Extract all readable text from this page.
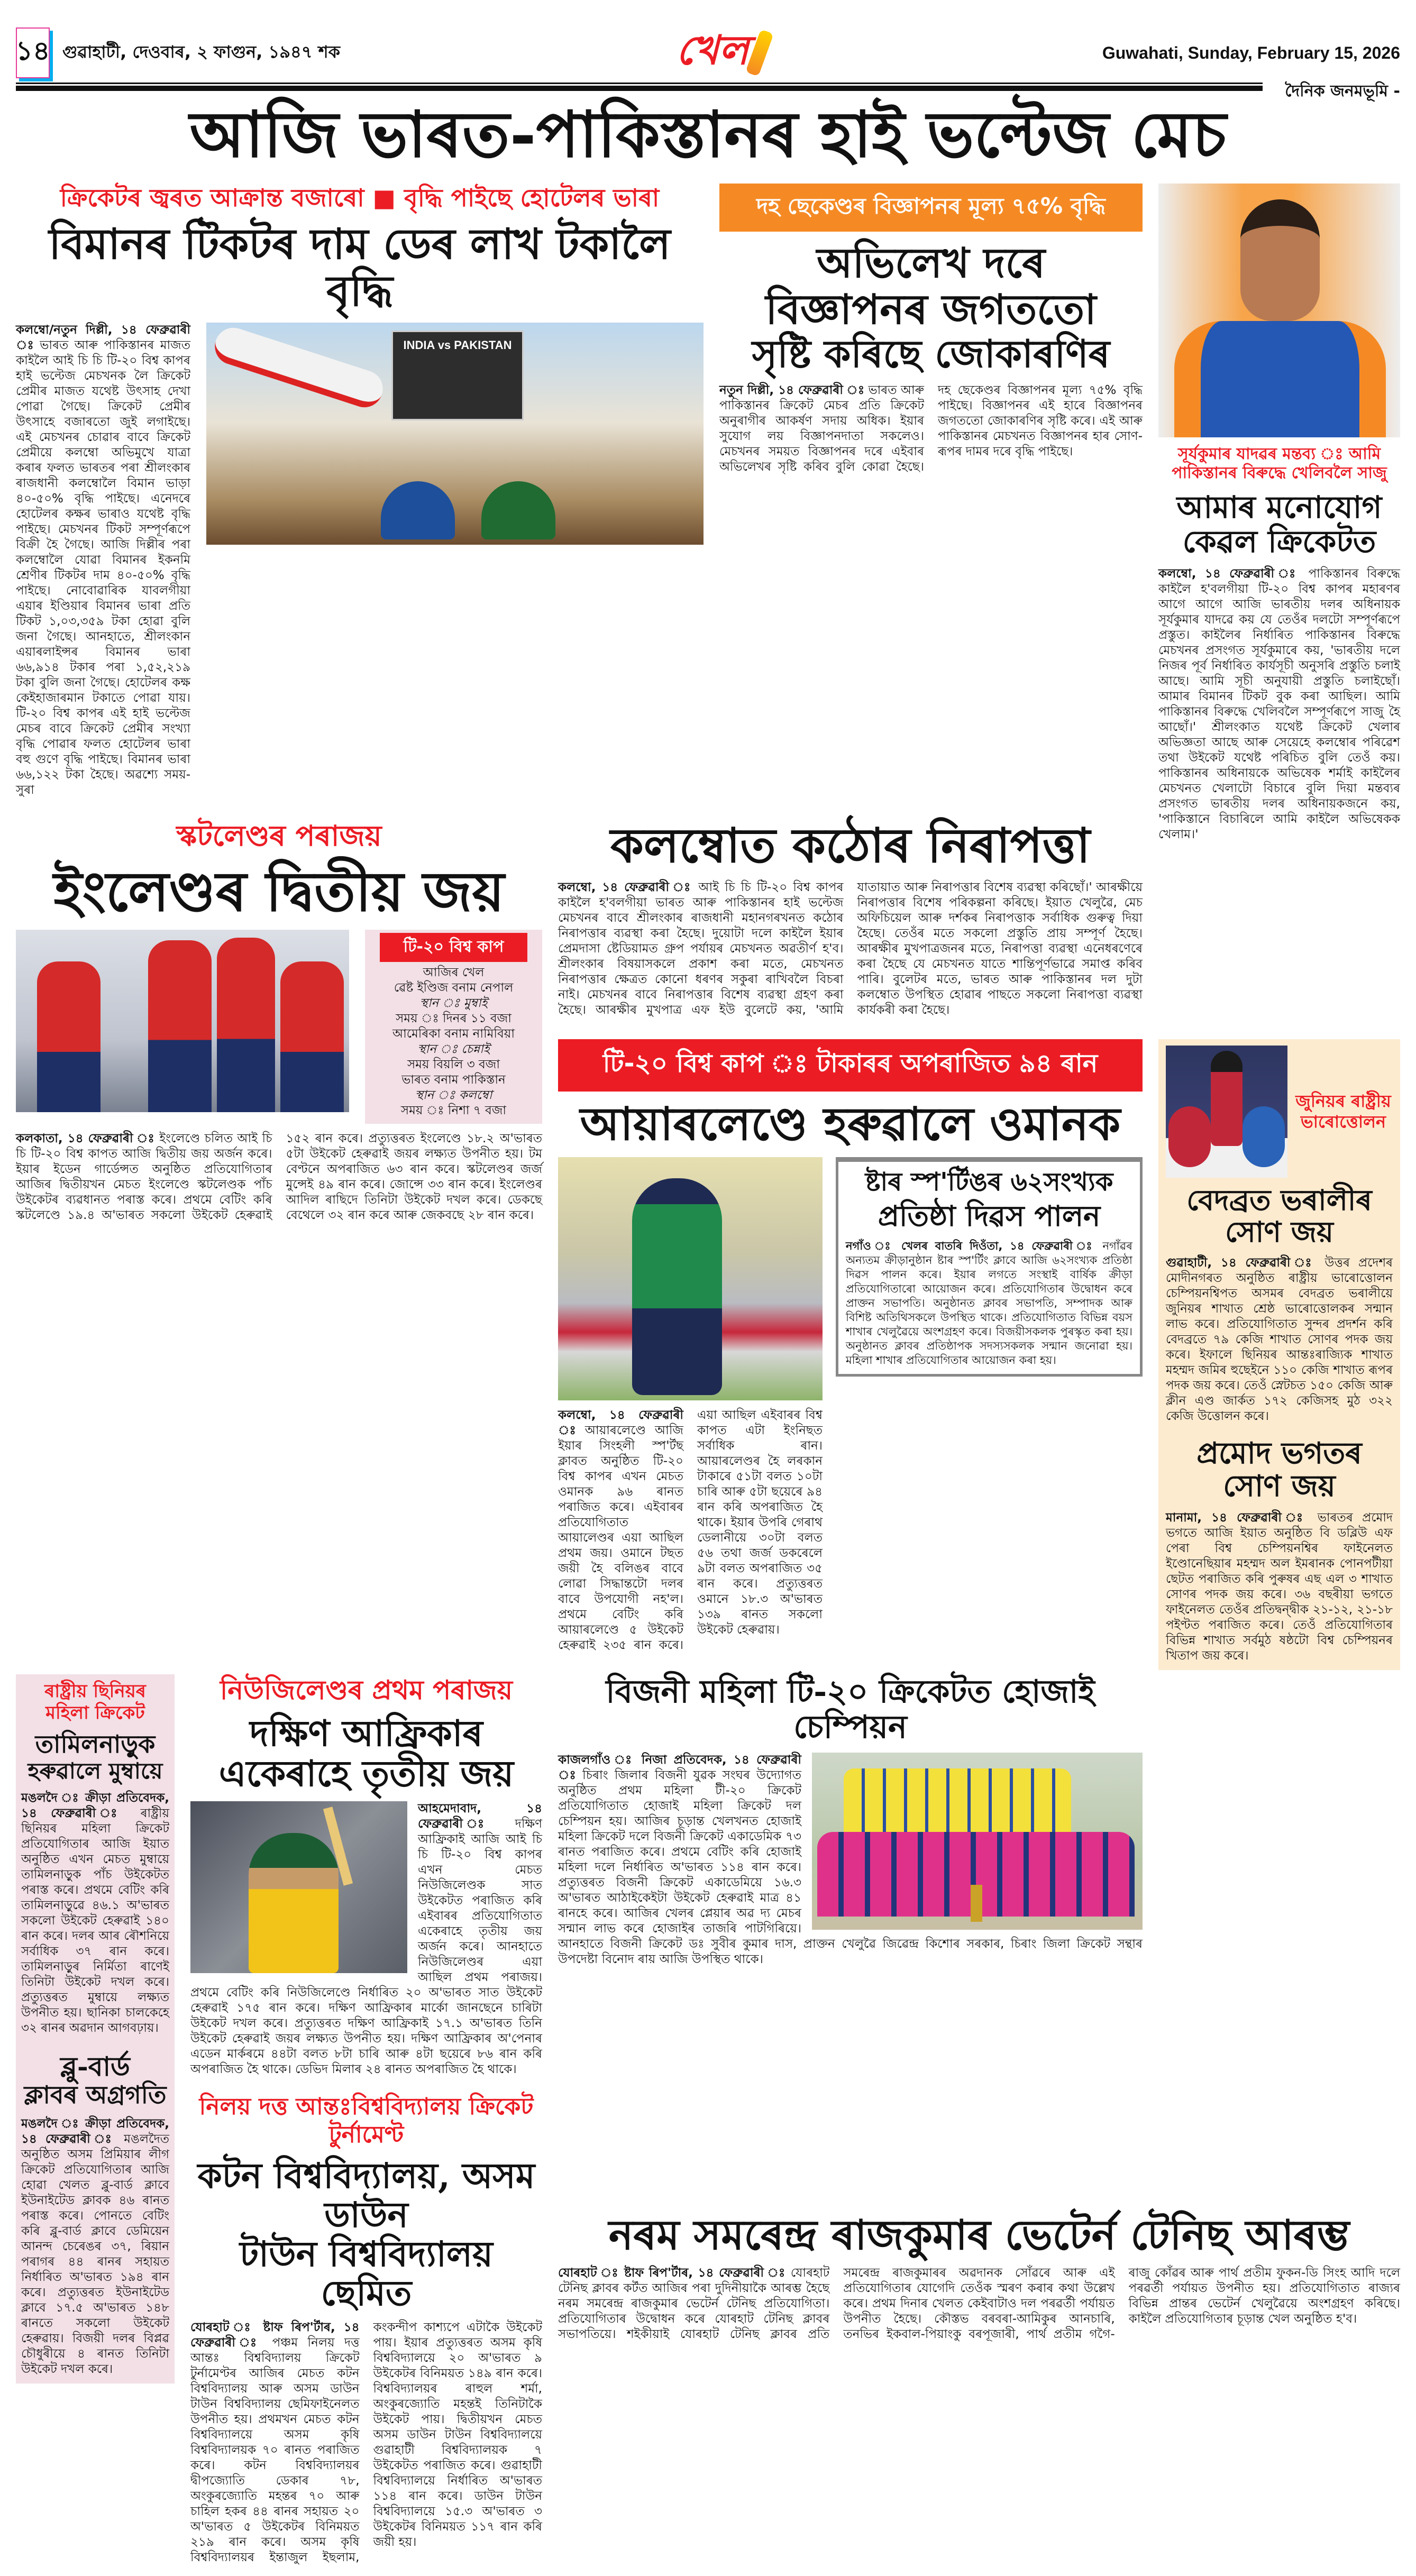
১৪ গুৱাহাটী, দেওবাৰ, ২ ফাগুন, ১৯৪৭ শক	খেল	Guwahati, Sunday, February 15, 2026
দৈনিক জনমভূমি -
আজি ভাৰত-পাকিস্তানৰ হাই ভল্টেজ মেচ
ক্ৰিকেটৰ জ্বৰত আক্ৰান্ত বজাৰো ■ বৃদ্ধি পাইছে হোটেলৰ ভাৰা
বিমানৰ টিকটৰ দাম ডেৰ লাখ টকালৈ বৃদ্ধি
কলম্বো/নতুন দিল্লী, ১৪ ফেব্ৰুৱাৰী ঃ ভাৰত আৰু পাকিস্তানৰ মাজত কাইলৈ আই চি চি টি-২০ বিশ্ব কাপৰ হাই ভল্টেজ মেচখনক লৈ ক্ৰিকেট প্ৰেমীৰ মাজত যথেষ্ট উৎসাহ দেখা পোৱা গৈছে। ক্ৰিকেট প্ৰেমীৰ উৎসাহে বজাৰতো জুই লগাইছে। এই মেচখনৰ চোৱাৰ বাবে ক্ৰিকেট প্ৰেমীয়ে কলম্বো অভিমুখে যাত্ৰা কৰাৰ ফলত ভাৰতৰ পৰা শ্ৰীলংকাৰ ৰাজধানী কলম্বোলৈ বিমান ভাড়া ৪০-৫০% বৃদ্ধি পাইছে। এনেদৰে হোটেলৰ কক্ষৰ ভাৰাও যথেষ্ট বৃদ্ধি পাইছে। মেচখনৰ টিকট সম্পূৰ্ণৰূপে বিক্ৰী হৈ গৈছে। আজি দিল্লীৰ পৰা কলম্বোলৈ যোৱা বিমানৰ ইকনমি শ্ৰেণীৰ টিকটৰ দাম ৪০-৫০% বৃদ্ধি পাইছে। নোবোৱাৰিক যাবলগীয়া এয়াৰ ইণ্ডিয়াৰ বিমানৰ ভাৰা প্ৰতি টিকট ১,০৩,৩৫৯ টকা হোৱা বুলি জনা গৈছে। আনহাতে, শ্ৰীলংকান এয়াৰলাইন্সৰ বিমানৰ ভাৰা ৬৬,৯১৪ টকাৰ পৰা ১,৫২,২১৯ টকা বুলি জনা গৈছে। হোটেলৰ কক্ষ কেইহাজাৰমান টকাতে পোৱা যায়। টি-২০ বিশ্ব কাপৰ এই হাই ভল্টেজ মেচৰ বাবে ক্ৰিকেট প্ৰেমীৰ সংখ্যা বৃদ্ধি পোৱাৰ ফলত হোটেলৰ ভাৰা বহু গুণে বৃদ্ধি পাইছে। বিমানৰ ভাৰা ৬৬,১২২ টকা হৈছে। অৱশ্যে সময়-সুৰা
INDIA vs PAKISTAN
দহ ছেকেণ্ডৰ বিজ্ঞাপনৰ মূল্য ৭৫% বৃদ্ধি
অভিলেখ দৰে
বিজ্ঞাপনৰ জগততো
সৃষ্টি কৰিছে জোকাৰণিৰ
নতুন দিল্লী, ১৪ ফেব্ৰুৱাৰী ঃ ভাৰত আৰু পাকিস্তানৰ ক্ৰিকেট মেচৰ প্ৰতি ক্ৰিকেট অনুৰাগীৰ আকৰ্ষণ সদায় অধিক। ইয়াৰ সুযোগ লয় বিজ্ঞাপনদাতা সকলেও। মেচখনৰ সময়ত বিজ্ঞাপনৰ দৰে এইবাৰ অভিলেখৰ সৃষ্টি কৰিব বুলি কোৱা হৈছে। দহ ছেকেণ্ডৰ বিজ্ঞাপনৰ মূল্য ৭৫% বৃদ্ধি পাইছে। বিজ্ঞাপনৰ এই হাৰে বিজ্ঞাপনৰ জগততো জোকাৰণিৰ সৃষ্টি কৰে। এই আৰু পাকিস্তানৰ মেচখনত বিজ্ঞাপনৰ হাৰ সোণ-ৰূপৰ দামৰ দৰে বৃদ্ধি পাইছে।	সূৰ্যকুমাৰ যাদৱৰ মন্তব্য ঃ আমি পাকিস্তানৰ বিৰুদ্ধে খেলিবলৈ সাজু
আমাৰ মনোযোগ
কেৱল ক্ৰিকেটত
কলম্বো, ১৪ ফেব্ৰুৱাৰী ঃ পাকিস্তানৰ বিৰুদ্ধে কাইলৈ হ'বলগীয়া টি-২০ বিশ্ব কাপৰ মহাৰণৰ আগে আগে আজি ভাৰতীয় দলৰ অধিনায়ক সূৰ্যকুমাৰ যাদৱে কয় যে তেওঁৰ দলটো সম্পূৰ্ণৰূপে প্ৰস্তুত। কাইলৈৰ নিৰ্ধাৰিত পাকিস্তানৰ বিৰুদ্ধে মেচখনৰ প্ৰসংগত সূৰ্যকুমাৰে কয়, 'ভাৰতীয় দলে নিজৰ পূৰ্ব নিৰ্ধাৰিত কাৰ্যসূচী অনুসৰি প্ৰস্তুতি চলাই আছে। আমি সূচী অনুযায়ী প্ৰস্তুতি চলাইছোঁ। আমাৰ বিমানৰ টিকট বুক কৰা আছিল। আমি পাকিস্তানৰ বিৰুদ্ধে খেলিবলৈ সম্পূৰ্ণৰূপে সাজু হৈ আছোঁ।' শ্ৰীলংকাত যথেষ্ট ক্ৰিকেট খেলাৰ অভিজ্ঞতা আছে আৰু সেয়েহে কলম্বোৰ পৰিৱেশ তথা উইকেট যথেষ্ট পৰিচিত বুলি তেওঁ কয়। পাকিস্তানৰ অধিনায়কে অভিষেক শৰ্মাই কাইলৈৰ মেচখনত খেলাটো বিচাৰে বুলি দিয়া মন্তব্যৰ প্ৰসংগত ভাৰতীয় দলৰ অধিনায়কজনে কয়, 'পাকিস্তানে বিচাৰিলে আমি কাইলৈ অভিষেকক খেলাম।'
স্কটলেণ্ডৰ পৰাজয়
ইংলেণ্ডৰ দ্বিতীয় জয়
টি-২০ বিশ্ব কাপ
আজিৰ খেল
ৱেষ্ট ইণ্ডিজ বনাম নেপাল
স্থান ঃ মুম্বাই
সময় ঃ দিনৰ ১১ বজা
আমেৰিকা বনাম নামিবিয়া
স্থান ঃ চেন্নাই
সময় বিয়লি ৩ বজা
ভাৰত বনাম পাকিস্তান
স্থান ঃ কলম্বো
সময় ঃ নিশা ৭ বজা
কলকাতা, ১৪ ফেব্ৰুৱাৰী ঃ ইংলেণ্ডে চলিত আই চি চি টি-২০ বিশ্ব কাপত আজি দ্বিতীয় জয় অৰ্জন কৰে। ইয়াৰ ইডেন গাৰ্ডেন্সত অনুষ্ঠিত প্ৰতিযোগিতাৰ আজিৰ দ্বিতীয়খন মেচত ইংলেণ্ডে স্কটলেণ্ডক পাঁচ উইকেটৰ ব্যৱধানত পৰাস্ত কৰে। প্ৰথমে বেটিং কৰি স্কটলেণ্ডে ১৯.৪ অ'ভাৰত সকলো উইকেট হেৰুৱাই ১৫২ ৰান কৰে। প্ৰত্যুত্তৰত ইংলেণ্ডে ১৮.২ অ'ভাৰত ৫টা উইকেট হেৰুৱাই জয়ৰ লক্ষ্যত উপনীত হয়। টম বেণ্টনে অপৰাজিত ৬৩ ৰান কৰে। স্কটলেণ্ডৰ জৰ্জ মুন্সেই ৪৯ ৰান কৰে। জোন্সে ৩৩ ৰান কৰে। ইংলেণ্ডৰ আদিল ৰাছিদে তিনিটা উইকেট দখল কৰে। ডেকছে বেথেলে ৩২ ৰান কৰে আৰু জেকবছে ২৮ ৰান কৰে।
কলম্বোত কঠোৰ নিৰাপত্তা
কলম্বো, ১৪ ফেব্ৰুৱাৰী ঃ আই চি চি টি-২০ বিশ্ব কাপৰ কাইলৈ হ'বলগীয়া ভাৰত আৰু পাকিস্তানৰ হাই ভল্টেজ মেচখনৰ বাবে শ্ৰীলংকাৰ ৰাজধানী মহানগৰখনত কঠোৰ নিৰাপত্তাৰ ব্যৱস্থা কৰা হৈছে। দুয়োটা দলে কাইলৈ ইয়াৰ প্ৰেমদাসা ষ্টেডিয়ামত গ্ৰুপ পৰ্যায়ৰ মেচখনত অৱতীৰ্ণ হ'ব। শ্ৰীলংকাৰ বিষয়াসকলে প্ৰকাশ কৰা মতে, মেচখনত নিৰাপত্তাৰ ক্ষেত্ৰত কোনো ধৰণৰ সকুৰা ৰাখিবলৈ বিচৰা নাই। মেচখনৰ বাবে নিৰাপত্তাৰ বিশেষ ব্যৱস্থা গ্ৰহণ কৰা হৈছে। আৰক্ষীৰ মুখপাত্ৰ এফ ইউ বুলেটে কয়, 'আমি যাতায়াত আৰু নিৰাপত্তাৰ বিশেষ ব্যৱস্থা কৰিছোঁ।' আৰক্ষীয়ে নিৰাপত্তাৰ বিশেষ পৰিকল্পনা কৰিছে। ইয়াত খেলুৱৈ, মেচ অফিচিয়েল আৰু দৰ্শকৰ নিৰাপত্তাক সৰ্বাধিক গুৰুত্ব দিয়া হৈছে। তেওঁৰ মতে সকলো প্ৰস্তুতি প্ৰায় সম্পূৰ্ণ হৈছে। আৰক্ষীৰ মুখপাত্ৰজনৰ মতে, নিৰাপত্তা ব্যৱস্থা এনেধৰণেৰে কৰা হৈছে যে মেচখনত যাতে শান্তিপূৰ্ণভাৱে সমাপ্ত কৰিব পাৰি। বুলেটৰ মতে, ভাৰত আৰু পাকিস্তানৰ দল দুটা কলম্বোত উপস্থিত হোৱাৰ পাছতে সকলো নিৰাপত্তা ব্যৱস্থা কাৰ্যকৰী কৰা হৈছে।
টি-২০ বিশ্ব কাপ ঃ টাকাৰৰ অপৰাজিত ৯৪ ৰান
আয়াৰলেণ্ডে হৰুৱালে ওমানক
কলম্বো, ১৪ ফেব্ৰুৱাৰী ঃ আয়াৰলেণ্ডে আজি ইয়াৰ সিংহলী স্প'ৰ্টছ ক্লাবত অনুষ্ঠিত টি-২০ বিশ্ব কাপৰ এখন মেচত ওমানক ৯৬ ৰানত পৰাজিত কৰে। এইবাৰৰ প্ৰতিযোগিতাত আয়ালেণ্ডৰ এয়া আছিল প্ৰথম জয়। ওমানে টছত জয়ী হৈ বলিঙৰ বাবে লোৱা সিদ্ধান্তটো দলৰ বাবে উপযোগী নহ'ল। প্ৰথমে বেটিং কৰি আয়াৰলেণ্ডে ৫ উইকেট হেৰুৱাই ২৩৫ ৰান কৰে। এয়া আছিল এইবাৰৰ বিশ্ব কাপত এটা ইংনিছত সৰ্বাধিক ৰান। আয়াৰলেণ্ডৰ হৈ লৰকান টাকাৰে ৫১টা বলত ১০টা চাৰি আৰু ৫টা ছয়েৰে ৯৪ ৰান কৰি অপৰাজিত হৈ থাকে। ইয়াৰ উপৰি গেৰাথ ডেলানীয়ে ৩০টা বলত ৫৬ তথা জৰ্জ ডকৰেলে ৯টা বলত অপৰাজিত ৩৫ ৰান কৰে। প্ৰত্যুত্তৰত ওমানে ১৮.৩ অ'ভাৰত ১৩৯ ৰানত সকলো উইকেট হেৰুৱায়।
ষ্টাৰ স্প'ৰ্টিঙৰ ৬২সংখ্যক
প্ৰতিষ্ঠা দিৱস পালন
নগাঁও ঃ খেলৰ বাতৰি দিওঁতা, ১৪ ফেব্ৰুৱাৰী ঃ নগাঁৱৰ অন্যতম ক্ৰীড়ানুষ্ঠান ষ্টাৰ স্প'ৰ্টিং ক্লাবে আজি ৬২সংখ্যক প্ৰতিষ্ঠা দিৱস পালন কৰে। ইয়াৰ লগতে সংস্থাই বাৰ্ষিক ক্ৰীড়া প্ৰতিযোগিতাৰো আয়োজন কৰে। প্ৰতিযোগিতাৰ উদ্বোধন কৰে প্ৰাক্তন সভাপতি। অনুষ্ঠানত ক্লাবৰ সভাপতি, সম্পাদক আৰু বিশিষ্ট অতিথিসকলে উপস্থিত থাকে। প্ৰতিযোগিতাত বিভিন্ন বয়স শাখাৰ খেলুৱৈয়ে অংশগ্ৰহণ কৰে। বিজয়ীসকলক পুৰস্কৃত কৰা হয়। অনুষ্ঠানত ক্লাবৰ প্ৰতিষ্ঠাপক সদস্যসকলক সন্মান জনোৱা হয়। মহিলা শাখাৰ প্ৰতিযোগিতাৰ আয়োজন কৰা হয়।
জুনিয়ৰ ৰাষ্ট্ৰীয় ভাৰোত্তোলন
বেদব্ৰত ভৰালীৰ সোণ জয়
গুৱাহাটী, ১৪ ফেব্ৰুৱাৰী ঃ উত্তৰ প্ৰদেশৰ মোদীনগৰত অনুষ্ঠিত ৰাষ্ট্ৰীয় ভাৰোত্তোলন চেম্পিয়নশ্বিপত অসমৰ বেদব্ৰত ভৰালীয়ে জুনিয়ৰ শাখাত শ্ৰেষ্ঠ ভাৰোত্তোলকৰ সন্মান লাভ কৰে। প্ৰতিযোগিতাত সুন্দৰ প্ৰদৰ্শন কৰি বেদব্ৰতে ৭৯ কেজি শাখাত সোণৰ পদক জয় কৰে। ইফালে ছিনিয়ৰ আন্তঃৰাজ্যিক শাখাত মহম্মদ জমিৰ হুছেইনে ১১০ কেজি শাখাত ৰূপৰ পদক জয় কৰে। তেওঁ স্নেটচত ১৫০ কেজি আৰু ক্লীন এণ্ড জাৰ্কত ১৭২ কেজিসহ মুঠ ৩২২ কেজি উত্তোলন কৰে।
প্ৰমোদ ভগতৰ
সোণ জয়
মানামা, ১৪ ফেব্ৰুৱাৰী ঃ ভাৰতৰ প্ৰমোদ ভগতে আজি ইয়াত অনুষ্ঠিত বি ডব্লিউ এফ পেৰা বিশ্ব চেম্পিয়নশ্বিৰ ফাইনেলত ইণ্ডোনেছিয়াৰ মহম্মদ অল ইমৰানক পোনপটীয়া ছেটত পৰাজিত কৰি পুৰুষৰ এছ এল ৩ শাখাত সোণৰ পদক জয় কৰে। ৩৬ বছৰীয়া ভগতে ফাইনেলত তেওঁৰ প্ৰতিদ্বন্দ্বীক ২১-১২, ২১-১৮ পইণ্টত পৰাজিত কৰে। তেওঁ প্ৰতিযোগিতাৰ বিভিন্ন শাখাত সৰ্বমুঠ ষষ্ঠটো বিশ্ব চেম্পিয়নৰ খিতাপ জয় কৰে।
ৰাষ্ট্ৰীয় ছিনিয়ৰ মহিলা ক্ৰিকেট
তামিলনাড়ুক
হৰুৱালে মুম্বায়ে
মঙলদৈ ঃ ক্ৰীড়া প্ৰতিবেদক, ১৪ ফেব্ৰুৱাৰী ঃ ৰাষ্ট্ৰীয় ছিনিয়ৰ মহিলা ক্ৰিকেট প্ৰতিযোগিতাৰ আজি ইয়াত অনুষ্ঠিত এখন মেচত মুম্বায়ে তামিলনাড়ুক পাঁচ উইকেটত পৰাস্ত কৰে। প্ৰথমে বেটিং কৰি তামিলনাড়ুৱে ৪৬.১ অ'ভাৰত সকলো উইকেট হেৰুৱাই ১৪০ ৰান কৰে। দলৰ আৰ ৰৌশনিয়ে সৰ্বাধিক ৩৭ ৰান কৰে। তামিলনাড়ুৰ নিৰ্মিতা ৰাণেই তিনিটা উইকেট দখল কৰে। প্ৰত্যুত্তৰত মুম্বায়ে লক্ষ্যত উপনীত হয়। ছানিকা চালকেহে ৩২ ৰানৰ অৱদান আগবঢ়ায়।
ব্লু-বাৰ্ড
ক্লাবৰ অগ্ৰগতি
মঙলদৈ ঃ ক্ৰীড়া প্ৰতিবেদক, ১৪ ফেব্ৰুৱাৰী ঃ মঙলদৈত অনুষ্ঠিত অসম প্ৰিমিয়াৰ লীগ ক্ৰিকেট প্ৰতিযোগিতাৰ আজি হোৱা খেলত ব্লু-বাৰ্ড ক্লাবে ইউনাইটেড ক্লাবক ৪৬ ৰানত পৰাস্ত কৰে। পোনতে বেটিং কৰি ব্লু-বাৰ্ড ক্লাবে ডেমিয়েন আনন্দ চেৰেঙৰ ৩৭, ৰিয়ান পৰাগৰ ৪৪ ৰানৰ সহায়ত নিৰ্ধাৰিত অ'ভাৰত ১৯৪ ৰান কৰে। প্ৰত্যুত্তৰত ইউনাইটেড ক্লাবে ১৭.৫ অ'ভাৰত ১৪৮ ৰানতে সকলো উইকেট হেৰুৱায়। বিজয়ী দলৰ বিপ্লৱ চৌধুৰীয়ে ৪ ৰানত তিনিটা উইকেট দখল কৰে।
নিউজিলেণ্ডৰ প্ৰথম পৰাজয়
দক্ষিণ আফ্ৰিকাৰ
একেৰাহে তৃতীয় জয়
আহমেদাবাদ, ১৪ ফেব্ৰুৱাৰী ঃ দক্ষিণ আফ্ৰিকাই আজি আই চি চি টি-২০ বিশ্ব কাপৰ এখন মেচত নিউজিলেণ্ডক সাত উইকেটত পৰাজিত কৰি এইবাৰৰ প্ৰতিযোগিতাত একেৰাহে তৃতীয় জয় অৰ্জন কৰে। আনহাতে নিউজিলেণ্ডৰ এয়া আছিল প্ৰথম পৰাজয়। প্ৰথমে বেটিং কৰি নিউজিলেণ্ডে নিৰ্ধাৰিত ২০ অ'ভাৰত সাত উইকেট হেৰুৱাই ১৭৫ ৰান কৰে। দক্ষিণ আফ্ৰিকাৰ মাৰ্কো জানছেনে চাৰিটা উইকেট দখল কৰে। প্ৰত্যুত্তৰত দক্ষিণ আফ্ৰিকাই ১৭.১ অ'ভাৰত তিনি উইকেট হেৰুৱাই জয়ৰ লক্ষ্যত উপনীত হয়। দক্ষিণ আফ্ৰিকাৰ অ'পেনাৰ এডেন মাৰ্কৰমে ৪৪টা বলত ৮টা চাৰি আৰু ৪টা ছয়েৰে ৮৬ ৰান কৰি অপৰাজিত হৈ থাকে। ডেভিদ মিলাৰ ২৪ ৰানত অপৰাজিত হৈ থাকে।
নিলয় দত্ত আন্তঃবিশ্ববিদ্যালয় ক্ৰিকেট টুৰ্নামেণ্ট
কটন বিশ্ববিদ্যালয়, অসম ডাউন
টাউন বিশ্ববিদ্যালয় ছেমিত
যোৰহাট ঃ ষ্টাফ ৰিপ'ৰ্টাৰ, ১৪ ফেব্ৰুৱাৰী ঃ পঞ্চম নিলয় দত্ত আন্তঃ বিশ্ববিদ্যালয় ক্ৰিকেট টুৰ্নামেণ্টৰ আজিৰ মেচত কটন বিশ্ববিদ্যালয় আৰু অসম ডাউন টাউন বিশ্ববিদ্যালয় ছেমিফাইনেলত উপনীত হয়। প্ৰথমখন মেচত কটন বিশ্ববিদ্যালয়ে অসম কৃষি বিশ্ববিদ্যালয়ক ৭০ ৰানত পৰাজিত কৰে। কটন বিশ্ববিদ্যালয়ৰ দ্বীপজ্যোতি ডেকাৰ ৭৮, অংকুৰজ্যোতি মহন্তৰ ৭০ আৰু চাহিল হকৰ ৪৪ ৰানৰ সহায়ত ২০ অ'ভাৰত ৫ উইকেটৰ বিনিময়ত ২১৯ ৰান কৰে। অসম কৃষি বিশ্ববিদ্যালয়ৰ ইন্তাজুল ইছলাম, কংকন্দীপ কাশ্যপে এটাকৈ উইকেট পায়। ইয়াৰ প্ৰত্যুত্তৰত অসম কৃষি বিশ্ববিদ্যালয়ে ২০ অ'ভাৰত ৯ উইকেটৰ বিনিময়ত ১৪৯ ৰান কৰে। বিশ্ববিদ্যালয়ৰ ৰাহুল শৰ্মা, অংকুৰজ্যোতি মহন্তই তিনিটাকৈ উইকেট পায়। দ্বিতীয়খন মেচত অসম ডাউন টাউন বিশ্ববিদ্যালয়ে গুৱাহাটী বিশ্ববিদ্যালয়ক ৭ উইকেটত পৰাজিত কৰে। গুৱাহাটী বিশ্ববিদ্যালয়ে নিৰ্ধাৰিত অ'ভাৰত ১১৪ ৰান কৰে। ডাউন টাউন বিশ্ববিদ্যালয়ে ১৫.৩ অ'ভাৰত ৩ উইকেটৰ বিনিময়ত ১১৭ ৰান কৰি জয়ী হয়।
বিজনী মহিলা টি-২০ ক্ৰিকেটত হোজাই চেম্পিয়ন
কাজলগাঁও ঃ নিজা প্ৰতিবেদক, ১৪ ফেব্ৰুৱাৰী ঃ চিৰাং জিলাৰ বিজনী যুৱক সংঘৰ উদ্যোগত অনুষ্ঠিত প্ৰথম মহিলা টী-২০ ক্ৰিকেট প্ৰতিযোগিতাত হোজাই মহিলা ক্ৰিকেট দল চেম্পিয়ন হয়। আজিৰ চূড়ান্ত খেলখনত হোজাই মহিলা ক্ৰিকেট দলে বিজনী ক্ৰিকেট একাডেমিক ৭৩ ৰানত পৰাজিত কৰে। প্ৰথমে বেটিং কৰি হোজাই মহিলা দলে নিৰ্ধাৰিত অ'ভাৰত ১১৪ ৰান কৰে। প্ৰত্যুত্তৰত বিজনী ক্ৰিকেট একাডেমিয়ে ১৬.৩ অ'ভাৰত আঠাইকেইটা উইকেট হেৰুৱাই মাত্ৰ ৪১ ৰানহে কৰে। আজিৰ খেলৰ প্লেয়াৰ অৱ দ্য মেচৰ সন্মান লাভ কৰে হোজাইৰ তাজৰি পাটগিৰিয়ে। আনহাতে বিজনী ক্ৰিকেট ডঃ সুবীৰ কুমাৰ দাস, প্ৰাক্তন খেলুৱৈ জিৱেন্দ্ৰ কিশোৰ সৰকাৰ, চিৰাং জিলা ক্ৰিকেট সন্থাৰ উপদেষ্টা বিনোদ ৰায় আজি উপস্থিত থাকে।
নৰম সমৰেন্দ্ৰ ৰাজকুমাৰ ভেটেৰ্ন টেনিছ আৰম্ভ
যোৰহাট ঃ ষ্টাফ ৰিপ'ৰ্টাৰ, ১৪ ফেব্ৰুৱাৰী ঃ যোৰহাট টেনিছ ক্লাবৰ কৰ্টত আজিৰ পৰা দুদিনীয়াকৈ আৰম্ভ হৈছে নৰম সমৰেন্দ্ৰ ৰাজকুমাৰ ভেটেৰ্ন টেনিছ প্ৰতিযোগিতা। প্ৰতিযোগিতাৰ উদ্বোধন কৰে যোৰহাট টেনিছ ক্লাবৰ সভাপতিয়ে। শইকীয়াই যোৰহাট টেনিছ ক্লাবৰ প্ৰতি সমৰেন্দ্ৰ ৰাজকুমাৰৰ অৱদানক সোঁৱৰে আৰু এই প্ৰতিযোগিতাৰ যোগেদি তেওঁক স্মৰণ কৰাৰ কথা উল্লেখ কৰে। প্ৰথম দিনাৰ খেলত কেইবাটাও দল পৰৱৰ্তী পৰ্যায়ত উপনীত হৈছে। কৌস্তভ বৰবৰা-আমিকুৰ আনচাৰি, তনভিৰ ইকবাল-পিয়াংকু বৰপূজাৰী, পাৰ্থ প্ৰতীম গগৈ-ৰাজু কোঁৱৰ আৰু পাৰ্থ প্ৰতীম ফুকন-ডি সিংহ আদি দলে পৰৱৰ্তী পৰ্যায়ত উপনীত হয়। প্ৰতিযোগিতাত ৰাজ্যৰ বিভিন্ন প্ৰান্তৰ ভেটেৰ্ন খেলুৱৈয়ে অংশগ্ৰহণ কৰিছে। কাইলৈ প্ৰতিযোগিতাৰ চূড়ান্ত খেল অনুষ্ঠিত হ'ব।
